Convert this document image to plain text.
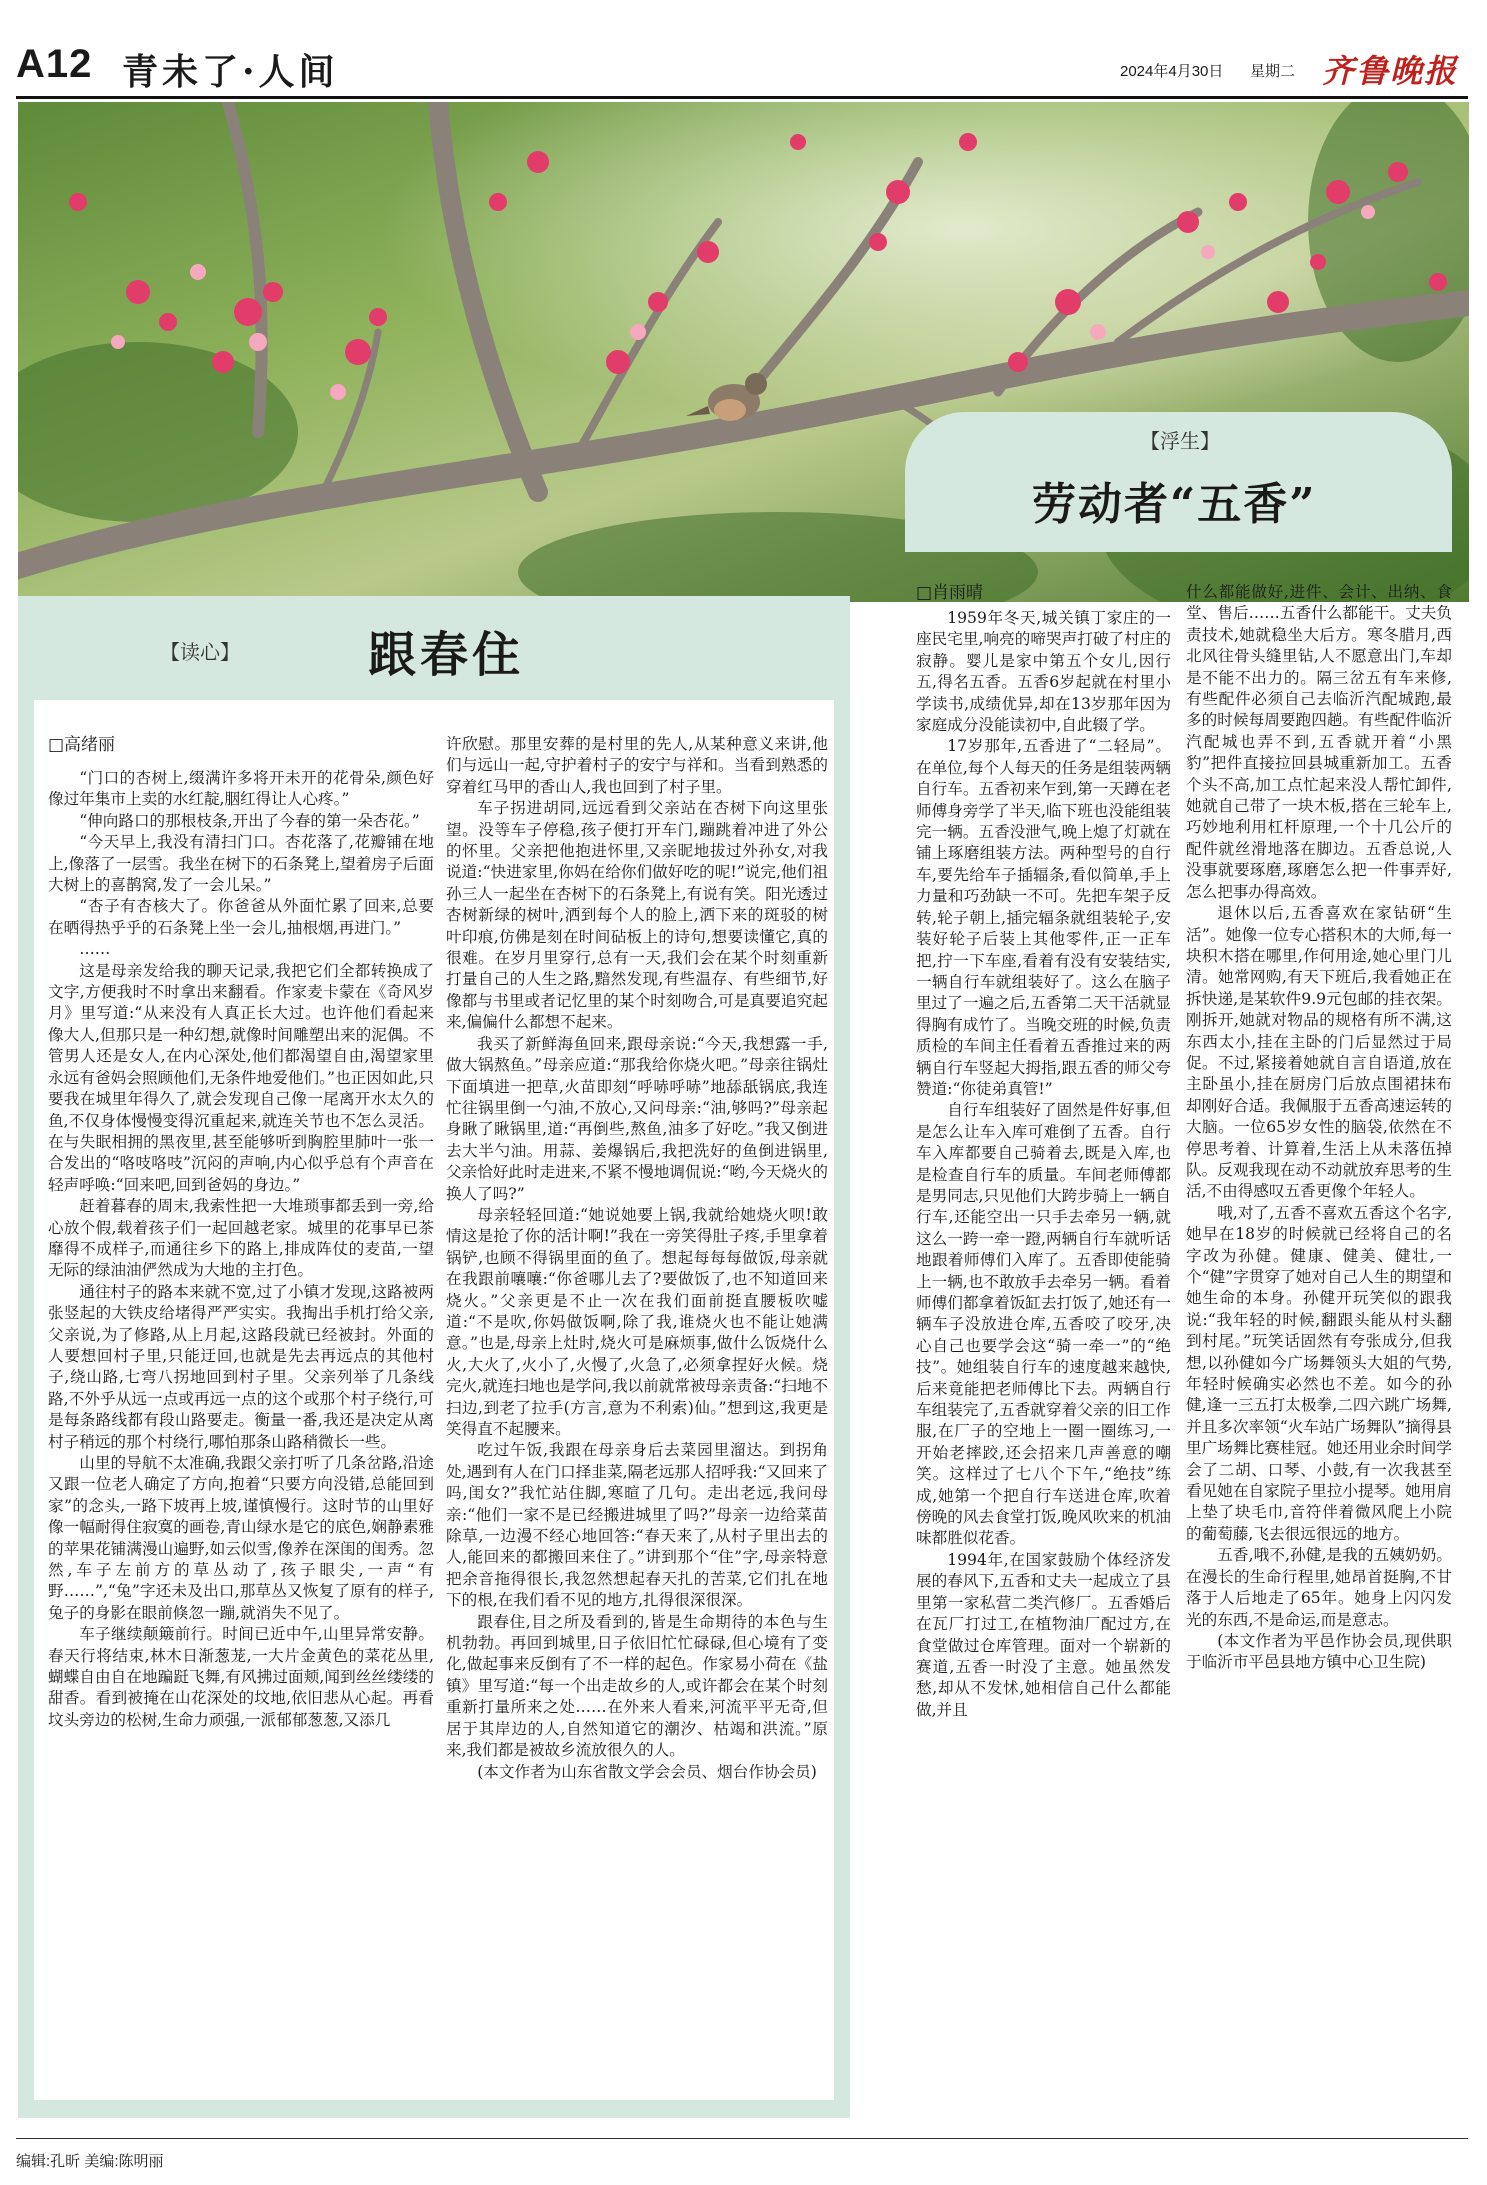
A12 青未了·人间	2024年4月30日 星期二 齐鲁晚报
【读心】	跟春住
□高绪丽

“门口的杏树上,缀满许多将开未开的花骨朵,颜色好像过年集市上卖的水红靛,胭红得让人心疼。”

“伸向路口的那根枝条,开出了今春的第一朵杏花。”

“今天早上,我没有清扫门口。杏花落了,花瓣铺在地上,像落了一层雪。我坐在树下的石条凳上,望着房子后面大树上的喜鹊窝,发了一会儿呆。”

“杏子有杏核大了。你爸爸从外面忙累了回来,总要在晒得热乎乎的石条凳上坐一会儿,抽根烟,再进门。”

……

这是母亲发给我的聊天记录,我把它们全都转换成了文字,方便我时不时拿出来翻看。作家麦卡蒙在《奇风岁月》里写道:“从来没有人真正长大过。也许他们看起来像大人,但那只是一种幻想,就像时间雕塑出来的泥偶。不管男人还是女人,在内心深处,他们都渴望自由,渴望家里永远有爸妈会照顾他们,无条件地爱他们。”也正因如此,只要我在城里年得久了,就会发现自己像一尾离开水太久的鱼,不仅身体慢慢变得沉重起来,就连关节也不怎么灵活。在与失眠相拥的黑夜里,甚至能够听到胸腔里肺叶一张一合发出的“咯吱咯吱”沉闷的声响,内心似乎总有个声音在轻声呼唤:“回来吧,回到爸妈的身边。”

赶着暮春的周末,我索性把一大堆琐事都丢到一旁,给心放个假,载着孩子们一起回越老家。城里的花事早已茶靡得不成样子,而通往乡下的路上,排成阵仗的麦苗,一望无际的绿油油俨然成为大地的主打色。

通往村子的路本来就不宽,过了小镇才发现,这路被两张竖起的大铁皮给堵得严严实实。我掏出手机打给父亲,父亲说,为了修路,从上月起,这路段就已经被封。外面的人要想回村子里,只能迂回,也就是先去再远点的其他村子,绕山路,七弯八拐地回到村子里。父亲列举了几条线路,不外乎从远一点或再远一点的这个或那个村子绕行,可是每条路线都有段山路要走。衡量一番,我还是决定从离村子稍远的那个村绕行,哪怕那条山路稍微长一些。

山里的导航不太准确,我跟父亲打听了几条岔路,沿途又跟一位老人确定了方向,抱着“只要方向没错,总能回到家”的念头,一路下坡再上坡,谨慎慢行。这时节的山里好像一幅耐得住寂寞的画卷,青山绿水是它的底色,娴静素雅的苹果花铺满漫山遍野,如云似雪,像养在深闺的闺秀。忽然,车子左前方的草丛动了,孩子眼尖,一声“有野……”,“兔”字还未及出口,那草丛又恢复了原有的样子,兔子的身影在眼前倏忽一蹦,就消失不见了。

车子继续颠簸前行。时间已近中午,山里异常安静。春天行将结束,林木日渐葱茏,一大片金黄色的菜花丛里,蝴蝶自由自在地蹁跹飞舞,有风拂过面颊,闻到丝丝缕缕的甜香。看到被掩在山花深处的坟地,依旧悲从心起。再看坟头旁边的松树,生命力顽强,一派郁郁葱葱,又添几

许欣慰。那里安葬的是村里的先人,从某种意义来讲,他们与远山一起,守护着村子的安宁与祥和。当看到熟悉的穿着红马甲的香山人,我也回到了村子里。

车子拐进胡同,远远看到父亲站在杏树下向这里张望。没等车子停稳,孩子便打开车门,蹦跳着冲进了外公的怀里。父亲把他抱进怀里,又亲昵地拔过外孙女,对我说道:“快进家里,你妈在给你们做好吃的呢!”说完,他们祖孙三人一起坐在杏树下的石条凳上,有说有笑。阳光透过杏树新绿的树叶,洒到每个人的脸上,洒下来的斑驳的树叶印痕,仿佛是刻在时间砧板上的诗句,想要读懂它,真的很难。在岁月里穿行,总有一天,我们会在某个时刻重新打量自己的人生之路,黯然发现,有些温存、有些细节,好像都与书里或者记忆里的某个时刻吻合,可是真要追究起来,偏偏什么都想不起来。

我买了新鲜海鱼回来,跟母亲说:“今天,我想露一手,做大锅熬鱼。”母亲应道:“那我给你烧火吧。”母亲往锅灶下面填进一把草,火苗即刻“呼哧呼哧”地舔舐锅底,我连忙往锅里倒一勺油,不放心,又问母亲:“油,够吗?”母亲起身瞅了瞅锅里,道:“再倒些,熬鱼,油多了好吃。”我又倒进去大半勺油。用蒜、姜爆锅后,我把洗好的鱼倒进锅里,父亲恰好此时走进来,不紧不慢地调侃说:“哟,今天烧火的换人了吗?”

母亲轻轻回道:“她说她要上锅,我就给她烧火呗!敢情这是抢了你的活计啊!”我在一旁笑得肚子疼,手里拿着锅铲,也顾不得锅里面的鱼了。想起每每每做饭,母亲就在我跟前嚷嚷:“你爸哪儿去了?要做饭了,也不知道回来烧火。”父亲更是不止一次在我们面前挺直腰板吹嘘道:“不是吹,你妈做饭啊,除了我,谁烧火也不能让她满意。”也是,母亲上灶时,烧火可是麻烦事,做什么饭烧什么火,大火了,火小了,火慢了,火急了,必须拿捏好火候。烧完火,就连扫地也是学问,我以前就常被母亲责备:“扫地不扫边,到老了拉手(方言,意为不利索)仙。”想到这,我更是笑得直不起腰来。

吃过午饭,我跟在母亲身后去菜园里溜达。到拐角处,遇到有人在门口择韭菜,隔老远那人招呼我:“又回来了吗,闺女?”我忙站住脚,寒暄了几句。走出老远,我问母亲:“他们一家不是已经搬进城里了吗?”母亲一边给菜苗除草,一边漫不经心地回答:“春天来了,从村子里出去的人,能回来的都搬回来住了。”讲到那个“住”字,母亲特意把余音拖得很长,我忽然想起春天扎的苦菜,它们扎在地下的根,在我们看不见的地方,扎得很深很深。

跟春住,目之所及看到的,皆是生命期待的本色与生机勃勃。再回到城里,日子依旧忙忙碌碌,但心境有了变化,做起事来反倒有了不一样的起色。作家易小荷在《盐镇》里写道:“每一个出走故乡的人,或许都会在某个时刻重新打量所来之处……在外来人看来,河流平平无奇,但居于其岸边的人,自然知道它的潮汐、枯竭和洪流。”原来,我们都是被故乡流放很久的人。

(本文作者为山东省散文学会会员、烟台作协会员)

【浮生】
劳动者“五香”
□肖雨晴

1959年冬天,城关镇丁家庄的一座民宅里,响亮的啼哭声打破了村庄的寂静。婴儿是家中第五个女儿,因行五,得名五香。五香6岁起就在村里小学读书,成绩优异,却在13岁那年因为家庭成分没能读初中,自此辍了学。

17岁那年,五香进了“二轻局”。在单位,每个人每天的任务是组装两辆自行车。五香初来乍到,第一天蹲在老师傅身旁学了半天,临下班也没能组装完一辆。五香没泄气,晚上熄了灯就在铺上琢磨组装方法。两种型号的自行车,要先给车子插辐条,看似简单,手上力量和巧劲缺一不可。先把车架子反转,轮子朝上,插完辐条就组装轮子,安装好轮子后装上其他零件,正一正车把,拧一下车座,看着有没有安装结实,一辆自行车就组装好了。这么在脑子里过了一遍之后,五香第二天干活就显得胸有成竹了。当晚交班的时候,负责质检的车间主任看着五香推过来的两辆自行车竖起大拇指,跟五香的师父夸赞道:“你徒弟真管!”

自行车组装好了固然是件好事,但是怎么让车入库可难倒了五香。自行车入库都要自己骑着去,既是入库,也是检查自行车的质量。车间老师傅都是男同志,只见他们大跨步骑上一辆自行车,还能空出一只手去牵另一辆,就这么一跨一牵一蹬,两辆自行车就听话地跟着师傅们入库了。五香即使能骑上一辆,也不敢放手去牵另一辆。看着师傅们都拿着饭缸去打饭了,她还有一辆车子没放进仓库,五香咬了咬牙,决心自己也要学会这“骑一牵一”的“绝技”。她组装自行车的速度越来越快,后来竟能把老师傅比下去。两辆自行车组装完了,五香就穿着父亲的旧工作服,在厂子的空地上一圈一圈练习,一开始老摔跤,还会招来几声善意的嘲笑。这样过了七八个下午,“绝技”练成,她第一个把自行车送进仓库,吹着傍晚的风去食堂打饭,晚风吹来的机油味都胜似花香。

1994年,在国家鼓励个体经济发展的春风下,五香和丈夫一起成立了县里第一家私营二类汽修厂。五香婚后在瓦厂打过工,在植物油厂配过方,在食堂做过仓库管理。面对一个崭新的赛道,五香一时没了主意。她虽然发愁,却从不发怵,她相信自己什么都能做,并且

什么都能做好,进件、会计、出纳、食堂、售后……五香什么都能干。丈夫负责技术,她就稳坐大后方。寒冬腊月,西北风往骨头缝里钻,人不愿意出门,车却是不能不出力的。隔三岔五有车来修,有些配件必须自己去临沂汽配城跑,最多的时候每周要跑四趟。有些配件临沂汽配城也弄不到,五香就开着“小黑豹”把件直接拉回县城重新加工。五香个头不高,加工点忙起来没人帮忙卸件,她就自己带了一块木板,搭在三轮车上,巧妙地利用杠杆原理,一个十几公斤的配件就丝滑地落在脚边。五香总说,人没事就要琢磨,琢磨怎么把一件事弄好,怎么把事办得高效。

退休以后,五香喜欢在家钻研“生活”。她像一位专心搭积木的大师,每一块积木搭在哪里,作何用途,她心里门儿清。她常网购,有天下班后,我看她正在拆快递,是某软件9.9元包邮的挂衣架。刚拆开,她就对物品的规格有所不满,这东西太小,挂在主卧的门后显然过于局促。不过,紧接着她就自言自语道,放在主卧虽小,挂在厨房门后放点围裙抹布却刚好合适。我佩服于五香高速运转的大脑。一位65岁女性的脑袋,依然在不停思考着、计算着,生活上从未落伍掉队。反观我现在动不动就放弃思考的生活,不由得感叹五香更像个年轻人。

哦,对了,五香不喜欢五香这个名字,她早在18岁的时候就已经将自己的名字改为孙健。健康、健美、健壮,一个“健”字贯穿了她对自己人生的期望和她生命的本身。孙健开玩笑似的跟我说:“我年轻的时候,翻跟头能从村头翻到村尾。”玩笑话固然有夸张成分,但我想,以孙健如今广场舞领头大姐的气势,年轻时候确实必然也不差。如今的孙健,逢一三五打太极拳,二四六跳广场舞,并且多次率领“火车站广场舞队”摘得县里广场舞比赛桂冠。她还用业余时间学会了二胡、口琴、小鼓,有一次我甚至看见她在自家院子里拉小提琴。她用肩上垫了块毛巾,音符伴着微风爬上小院的葡萄藤,飞去很远很远的地方。

五香,哦不,孙健,是我的五姨奶奶。在漫长的生命行程里,她昂首挺胸,不甘落于人后地走了65年。她身上闪闪发光的东西,不是命运,而是意志。

(本文作者为平邑作协会员,现供职于临沂市平邑县地方镇中心卫生院)

编辑:孔昕 美编:陈明丽
